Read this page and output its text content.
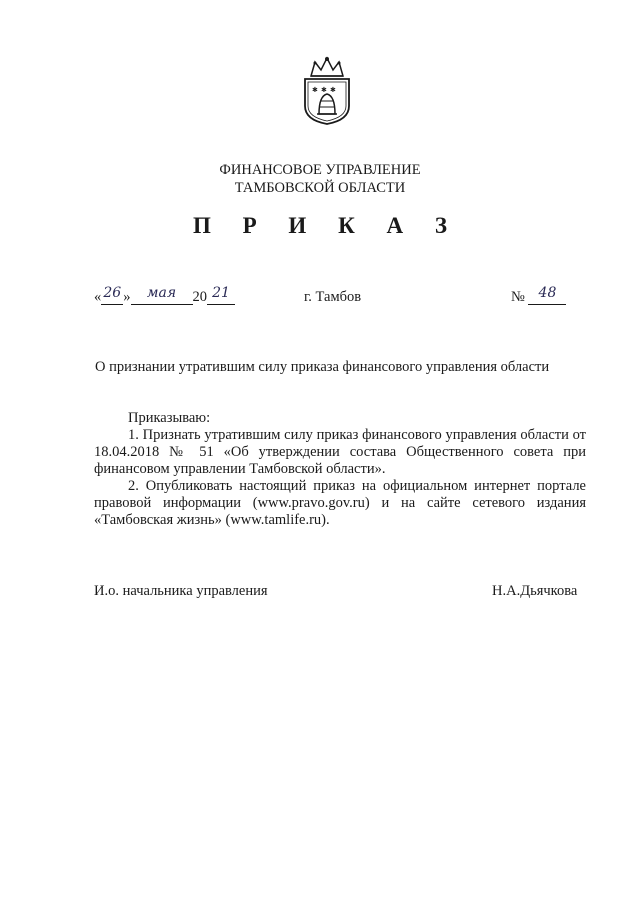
✱ ✱ ✱
ФИНАНСОВОЕ УПРАВЛЕНИЕ
ТАМБОВСКОЙ ОБЛАСТИ
П Р И К А З
« 26 » мая 20 21	г. Тамбов	№ 48
О признании утратившим силу приказа финансового управления области

Приказываю:

1. Признать утратившим силу приказ финансового управления области от 18.04.2018 № 51 «Об утверждении состава Общественного совета при финансовом управлении Тамбовской области».

2. Опубликовать настоящий приказ на официальном интернет портале правовой информации (www.pravo.gov.ru) и на сайте сетевого издания «Тамбовская жизнь» (www.tamlife.ru).

И.о. начальника управления	Н.А.Дьячкова
